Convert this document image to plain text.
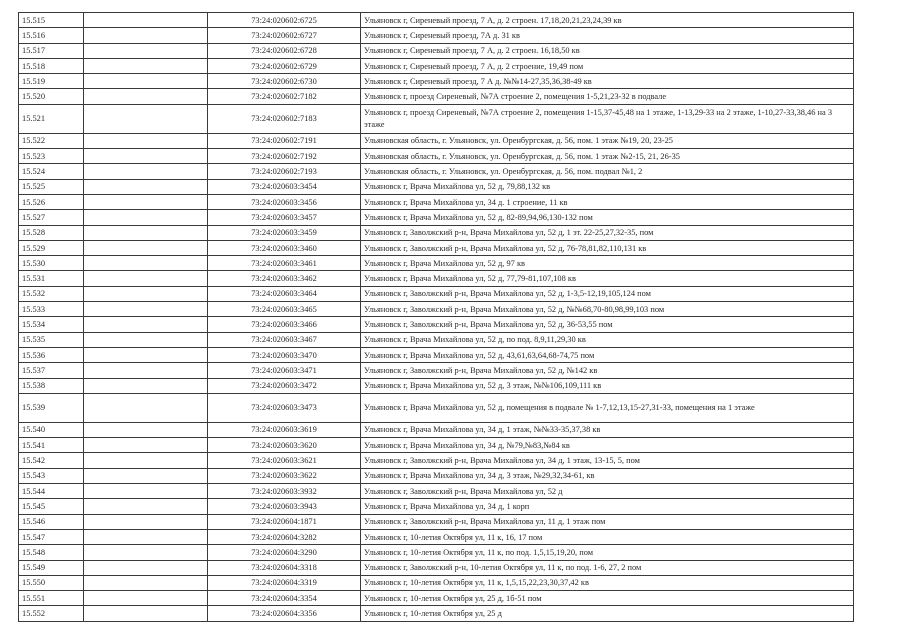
15.515		73:24:020602:6725	Ульяновск г, Сиреневый проезд, 7 А, д. 2 строен. 17,18,20,21,23,24,39 кв
15.516		73:24:020602:6727	Ульяновск г, Сиреневый проезд, 7А д. 31 кв
15.517		73:24:020602:6728	Ульяновск г, Сиреневый проезд, 7 А, д. 2 строен. 16,18,50 кв
15.518		73:24:020602:6729	Ульяновск г, Сиреневый проезд, 7 А, д. 2 строение, 19,49 пом
15.519		73:24:020602:6730	Ульяновск г, Сиреневый проезд, 7 А д. №№14-27,35,36,38-49 кв
15.520		73:24:020602:7182	Ульяновск г, проезд Сиреневый, №7А строение 2, помещения 1-5,21,23-32 в подвале
15.521		73:24:020602:7183	Ульяновск г, проезд Сиреневый, №7А строение 2, помещения 1-15,37-45,48 на 1 этаже, 1-13,29-33 на 2 этаже, 1-10,27-33,38,46 на 3 этаже
15.522		73:24:020602:7191	Ульяновская область, г. Ульяновск, ул. Оренбургская, д. 56, пом. 1 этаж №19, 20, 23-25
15.523		73:24:020602:7192	Ульяновская область, г. Ульяновск, ул. Оренбургская, д. 56, пом. 1 этаж №2-15, 21, 26-35
15.524		73:24:020602:7193	Ульяновская область, г. Ульяновск, ул. Оренбургская, д. 56, пом. подвал №1, 2
15.525		73:24:020603:3454	Ульяновск г, Врача Михайлова ул, 52 д, 79,88,132 кв
15.526		73:24:020603:3456	Ульяновск г, Врача Михайлова ул, 34 д. 1 строение, 11 кв
15.527		73:24:020603:3457	Ульяновск г, Врача Михайлова ул, 52 д, 82-89,94,96,130-132 пом
15.528		73:24:020603:3459	Ульяновск г, Заволжский р-н, Врача Михайлова ул, 52 д, 1 эт. 22-25,27,32-35, пом
15.529		73:24:020603:3460	Ульяновск г, Заволжский р-н, Врача Михайлова ул, 52 д, 76-78,81,82,110,131 кв
15.530		73:24:020603:3461	Ульяновск г, Врача Михайлова ул, 52 д, 97 кв
15.531		73:24:020603:3462	Ульяновск г, Врача Михайлова ул, 52 д, 77,79-81,107,108 кв
15.532		73:24:020603:3464	Ульяновск г, Заволжский р-н, Врача Михайлова ул, 52 д, 1-3,5-12,19,105,124 пом
15.533		73:24:020603:3465	Ульяновск г, Заволжский р-н, Врача Михайлова ул, 52 д, №№68,70-80,98,99,103 пом
15.534		73:24:020603:3466	Ульяновск г, Заволжский р-н, Врача Михайлова ул, 52 д, 36-53,55 пом
15.535		73:24:020603:3467	Ульяновск г, Врача Михайлова ул, 52 д, по под. 8,9,11,29,30 кв
15.536		73:24:020603:3470	Ульяновск г, Врача Михайлова ул, 52 д, 43,61,63,64,68-74,75 пом
15.537		73:24:020603:3471	Ульяновск г, Заволжский р-н, Врача Михайлова ул, 52 д, №142 кв
15.538		73:24:020603:3472	Ульяновск г, Врача Михайлова ул, 52 д, 3 этаж, №№106,109,111 кв
15.539		73:24:020603:3473	Ульяновск г, Врача Михайлова ул, 52 д, помещения в подвале № 1-7,12,13,15-27,31-33, помещения на 1 этаже
15.540		73:24:020603:3619	Ульяновск г, Врача Михайлова ул, 34 д, 1 этаж, №№33-35,37,38 кв
15.541		73:24:020603:3620	Ульяновск г, Врача Михайлова ул, 34 д, №79,№83,№84 кв
15.542		73:24:020603:3621	Ульяновск г, Заволжский р-н, Врача Михайлова ул, 34 д, 1 этаж, 13-15, 5, пом
15.543		73:24:020603:3622	Ульяновск г, Врача Михайлова ул, 34 д, 3 этаж, №29,32,34-61, кв
15.544		73:24:020603:3932	Ульяновск г, Заволжский р-н, Врача Михайлова ул, 52 д
15.545		73:24:020603:3943	Ульяновск г, Врача Михайлова ул, 34 д, 1 корп
15.546		73:24:020604:1871	Ульяновск г, Заволжский р-н, Врача Михайлова ул, 11 д, 1 этаж пом
15.547		73:24:020604:3282	Ульяновск г, 10-летия Октября ул, 11 к, 16, 17 пом
15.548		73:24:020604:3290	Ульяновск г, 10-летия Октября ул, 11 к, по под. 1,5,15,19,20, пом
15.549		73:24:020604:3318	Ульяновск г, Заволжский р-н, 10-летия Октября ул, 11 к, по под. 1-6, 27, 2 пом
15.550		73:24:020604:3319	Ульяновск г, 10-летия Октября ул, 11 к, 1,5,15,22,23,30,37,42 кв
15.551		73:24:020604:3354	Ульяновск г, 10-летия Октября ул, 25 д, 1б-51 пом
15.552		73:24:020604:3356	Ульяновск г, 10-летия Октября ул, 25 д
